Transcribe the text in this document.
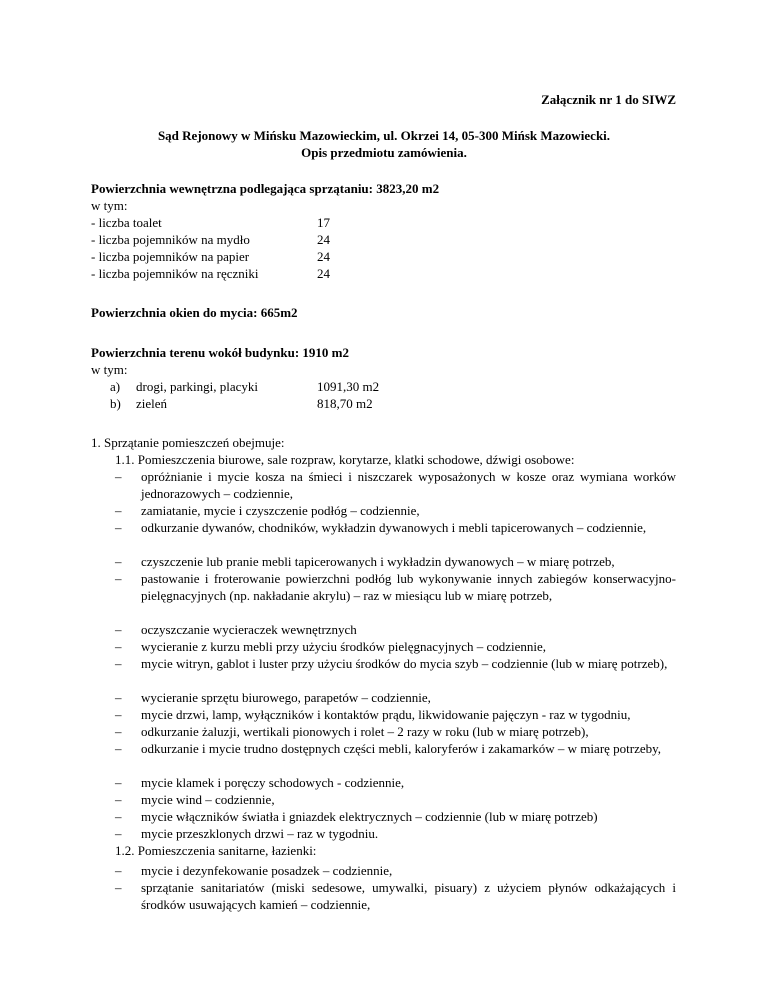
Załącznik nr 1 do SIWZ
Sąd Rejonowy w Mińsku Mazowieckim, ul. Okrzei 14, 05-300 Mińsk Mazowiecki.
Opis przedmiotu zamówienia.
Powierzchnia wewnętrzna podlegająca sprzątaniu: 3823,20 m2
w tym:
- liczba toalet	17
- liczba pojemników na mydło	24
- liczba pojemników na papier	24
- liczba pojemników na ręczniki	24
Powierzchnia okien do mycia: 665m2
Powierzchnia terenu wokół budynku: 1910 m2
w tym:
a) drogi, parkingi, placyki	1091,30 m2
b) zieleń	818,70 m2
1. Sprzątanie pomieszczeń obejmuje:
1.1. Pomieszczenia biurowe, sale rozpraw, korytarze, klatki schodowe, dźwigi osobowe:
– opróżnianie i mycie kosza na śmieci i niszczarek wyposażonych w kosze oraz wymiana worków jednorazowych – codziennie,
– zamiatanie, mycie i czyszczenie podłóg – codziennie,
– odkurzanie dywanów, chodników, wykładzin dywanowych i mebli tapicerowanych – codziennie,
– czyszczenie lub pranie mebli tapicerowanych i wykładzin dywanowych – w miarę potrzeb,
– pastowanie i froterowanie powierzchni podłóg lub wykonywanie innych zabiegów konserwacyjno-pielęgnacyjnych (np. nakładanie akrylu) – raz w miesiącu lub w miarę potrzeb,
– oczyszczanie wycieraczek wewnętrznych
– wycieranie z kurzu mebli przy użyciu środków pielęgnacyjnych – codziennie,
– mycie witryn, gablot i luster przy użyciu środków do mycia szyb – codziennie (lub w miarę potrzeb),
– wycieranie sprzętu biurowego, parapetów – codziennie,
– mycie drzwi, lamp, wyłączników i kontaktów prądu, likwidowanie pajęczyn - raz w tygodniu,
– odkurzanie żaluzji, wertikali pionowych i rolet – 2 razy w roku (lub w miarę potrzeb),
– odkurzanie i mycie trudno dostępnych części mebli, kaloryferów i zakamarków – w miarę potrzeby,
– mycie klamek i poręczy schodowych - codziennie,
– mycie wind – codziennie,
– mycie włączników światła i gniazdek elektrycznych – codziennie (lub w miarę potrzeb)
– mycie przeszklonych drzwi – raz w tygodniu.
1.2. Pomieszczenia sanitarne, łazienki:
– mycie i dezynfekowanie posadzek – codziennie,
– sprzątanie sanitariatów (miski sedesowe, umywalki, pisuary) z użyciem płynów odkażających i środków usuwających kamień – codziennie,
